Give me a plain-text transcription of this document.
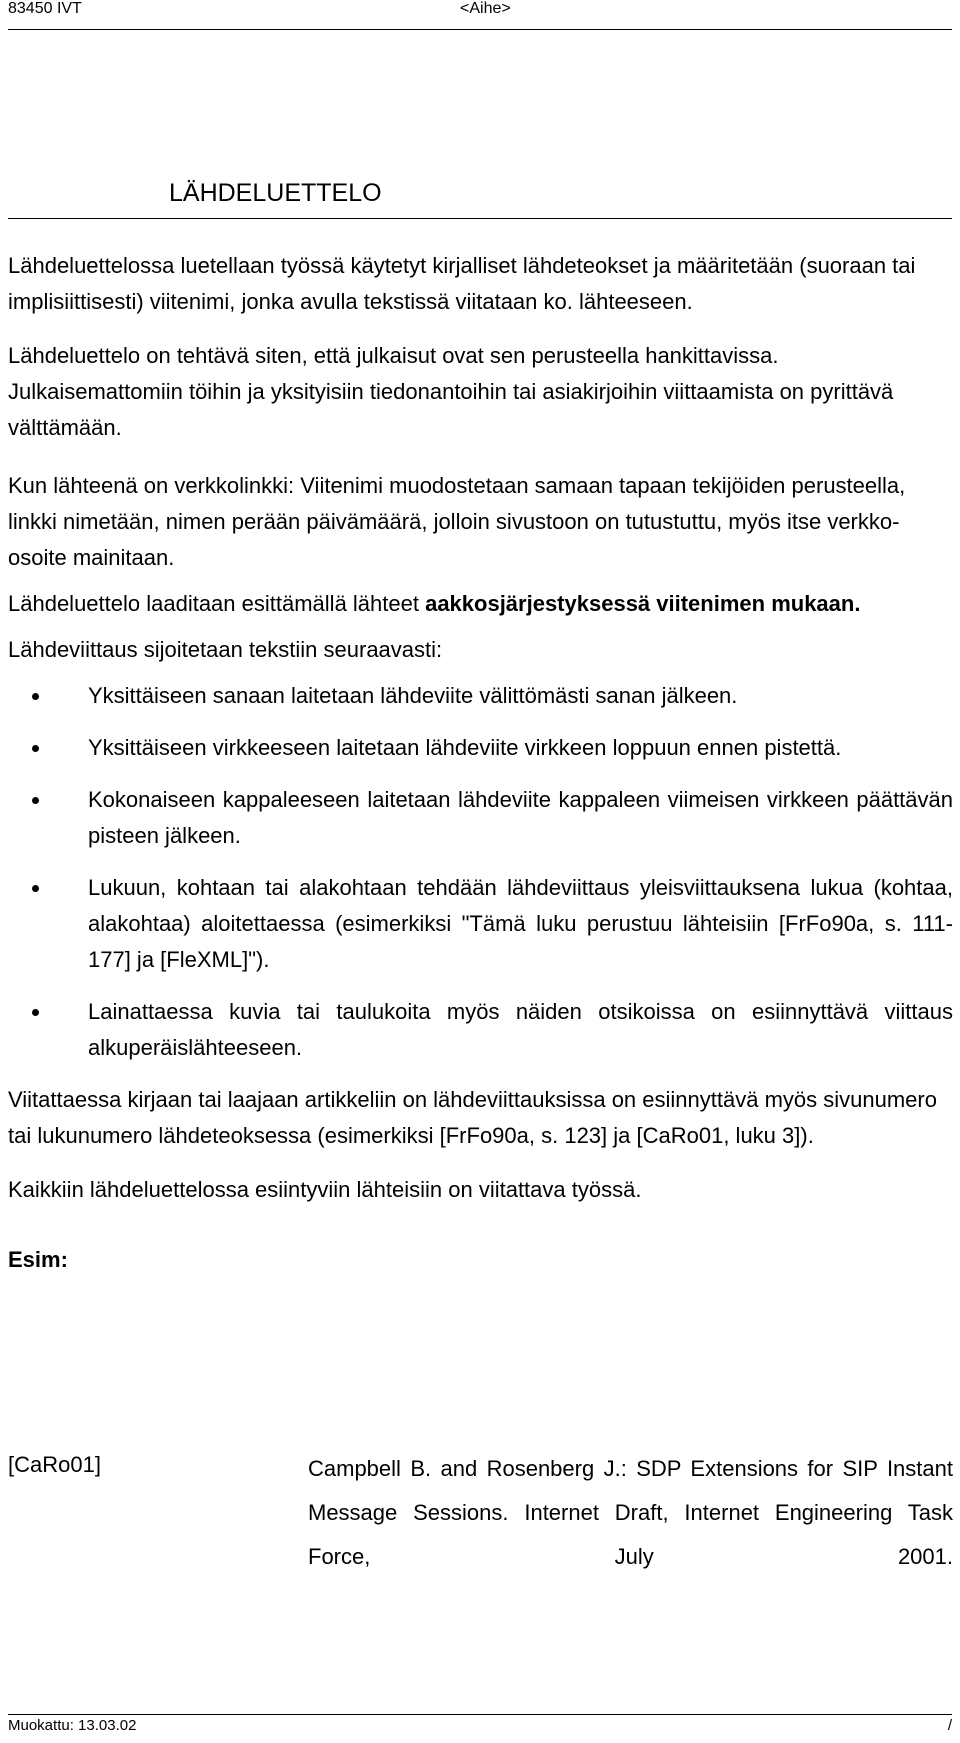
83450 IVT	<Aihe>
LÄHDELUETTELO

Lähdeluettelossa luetellaan työssä käytetyt kirjalliset lähdeteokset ja määritetään (suoraan tai implisiittisesti) viitenimi, jonka avulla tekstissä viitataan ko. lähteeseen.

Lähdeluettelo on tehtävä siten, että julkaisut ovat sen perusteella hankittavissa. Julkaisemattomiin töihin ja yksityisiin tiedonantoihin tai asiakirjoihin viittaamista on pyrittävä välttämään.

Kun lähteenä on verkkolinkki: Viitenimi muodostetaan samaan tapaan tekijöiden perusteella, linkki nimetään, nimen perään päivämäärä, jolloin sivustoon on tutustuttu, myös itse verkko-osoite mainitaan.

Lähdeluettelo laaditaan esittämällä lähteet aakkosjärjestyksessä viitenimen mukaan.

Lähdeviittaus sijoitetaan tekstiin seuraavasti:

Yksittäiseen sanaan laitetaan lähdeviite välittömästi sanan jälkeen.
Yksittäiseen virkkeeseen laitetaan lähdeviite virkkeen loppuun ennen pistettä.
Kokonaiseen kappaleeseen laitetaan lähdeviite kappaleen viimeisen virkkeen päättävän pisteen jälkeen.
Lukuun, kohtaan tai alakohtaan tehdään lähdeviittaus yleisviittauksena lukua (kohtaa, alakohtaa) aloitettaessa (esimerkiksi "Tämä luku perustuu lähteisiin [FrFo90a, s. 111-177] ja [FleXML]").
Lainattaessa kuvia tai taulukoita myös näiden otsikoissa on esiinnyttävä viittaus alkuperäislähteeseen.

Viitattaessa kirjaan tai laajaan artikkeliin on lähdeviittauksissa on esiinnyttävä myös sivunumero tai lukunumero lähdeteoksessa (esimerkiksi [FrFo90a, s. 123] ja [CaRo01, luku 3]).

Kaikkiin lähdeluettelossa esiintyviin lähteisiin on viitattava työssä.

Esim:

[CaRo01]	Campbell B. and Rosenberg J.: SDP Extensions for SIP Instant Message Sessions. Internet Draft, Internet Engineering Task Force, July 2001.
Muokattu: 13.03.02	/
